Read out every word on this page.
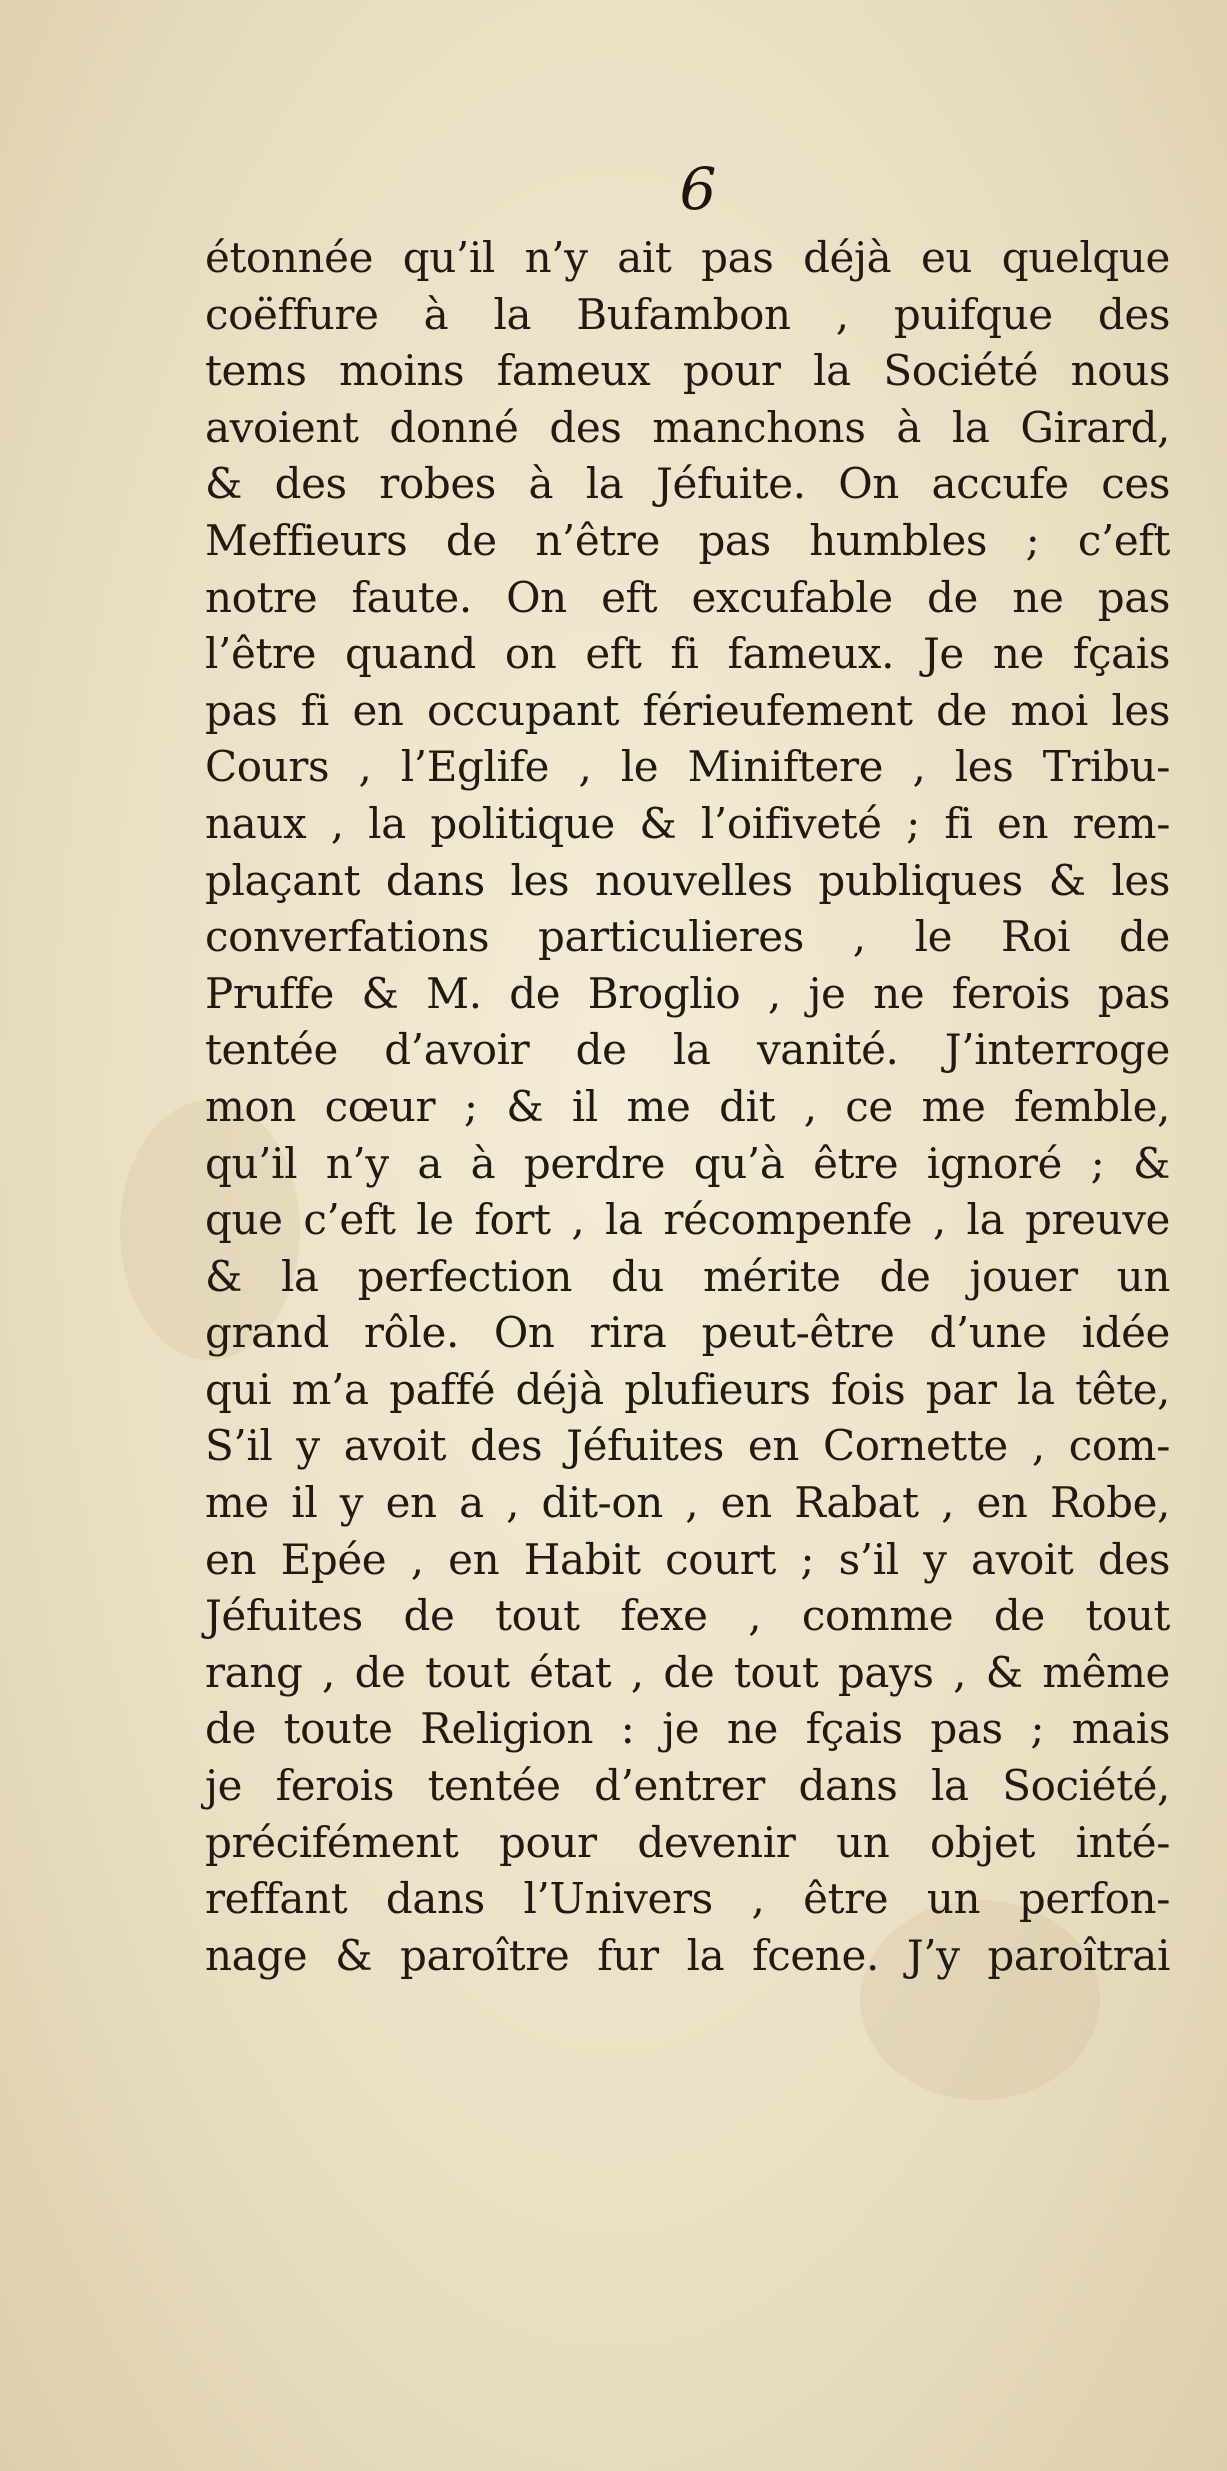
6
étonnée qu’il n’y ait pas déjà eu quelque
coëffure à la Bufambon , puifque des
tems moins fameux pour la Société nous
avoient donné des manchons à la Girard,
& des robes à la Jéfuite. On accufe ces
Meffieurs de n’être pas humbles ; c’eft
notre faute. On eft excufable de ne pas
l’être quand on eft fi fameux. Je ne fçais
pas fi en occupant férieufement de moi les
Cours , l’Eglife , le Miniftere , les Tribu-
naux , la politique & l’oifiveté ; fi en rem-
plaçant dans les nouvelles publiques & les
converfations particulieres , le Roi de
Pruffe & M. de Broglio , je ne ferois pas
tentée d’avoir de la vanité. J’interroge
mon cœur ; & il me dit , ce me femble,
qu’il n’y a à perdre qu’à être ignoré ; &
que c’eft le fort , la récompenfe , la preuve
& la perfection du mérite de jouer un
grand rôle. On rira peut-être d’une idée
qui m’a paffé déjà plufieurs fois par la tête,
S’il y avoit des Jéfuites en Cornette , com-
me il y en a , dit-on , en Rabat , en Robe,
en Epée , en Habit court ; s’il y avoit des
Jéfuites de tout fexe , comme de tout
rang , de tout état , de tout pays , & même
de toute Religion : je ne fçais pas ; mais
je ferois tentée d’entrer dans la Société,
précifément pour devenir un objet inté-
reffant dans l’Univers , être un perfon-
nage & paroître fur la fcene. J’y paroîtrai
